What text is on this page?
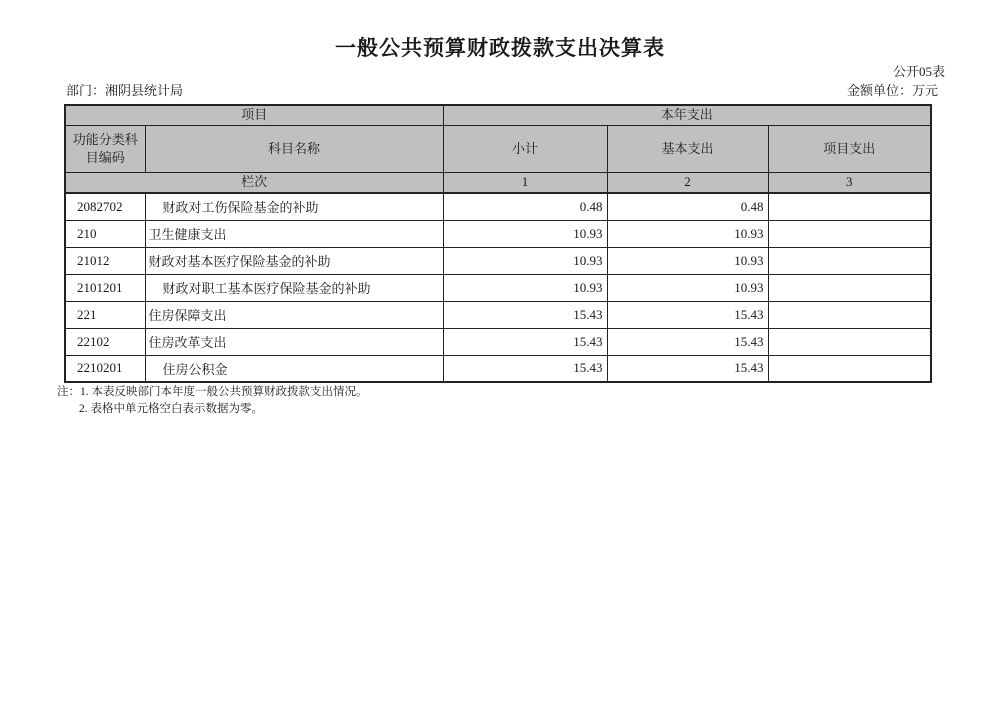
一般公共预算财政拨款支出决算表
公开05表
部门：湘阴县统计局	金额单位：万元
项目		本年支出		
功能分类科目编码	科目名称	小计	基本支出	项目支出
栏次		1	2	3
2082702	财政对工伤保险基金的补助	0.48	0.48	
210	卫生健康支出	10.93	10.93	
21012	财政对基本医疗保险基金的补助	10.93	10.93	
2101201	财政对职工基本医疗保险基金的补助	10.93	10.93	
221	住房保障支出	15.43	15.43	
22102	住房改革支出	15.43	15.43	
2210201	住房公积金	15.43	15.43	
注：1. 本表反映部门本年度一般公共预算财政拨款支出情况。
2. 表格中单元格空白表示数据为零。
